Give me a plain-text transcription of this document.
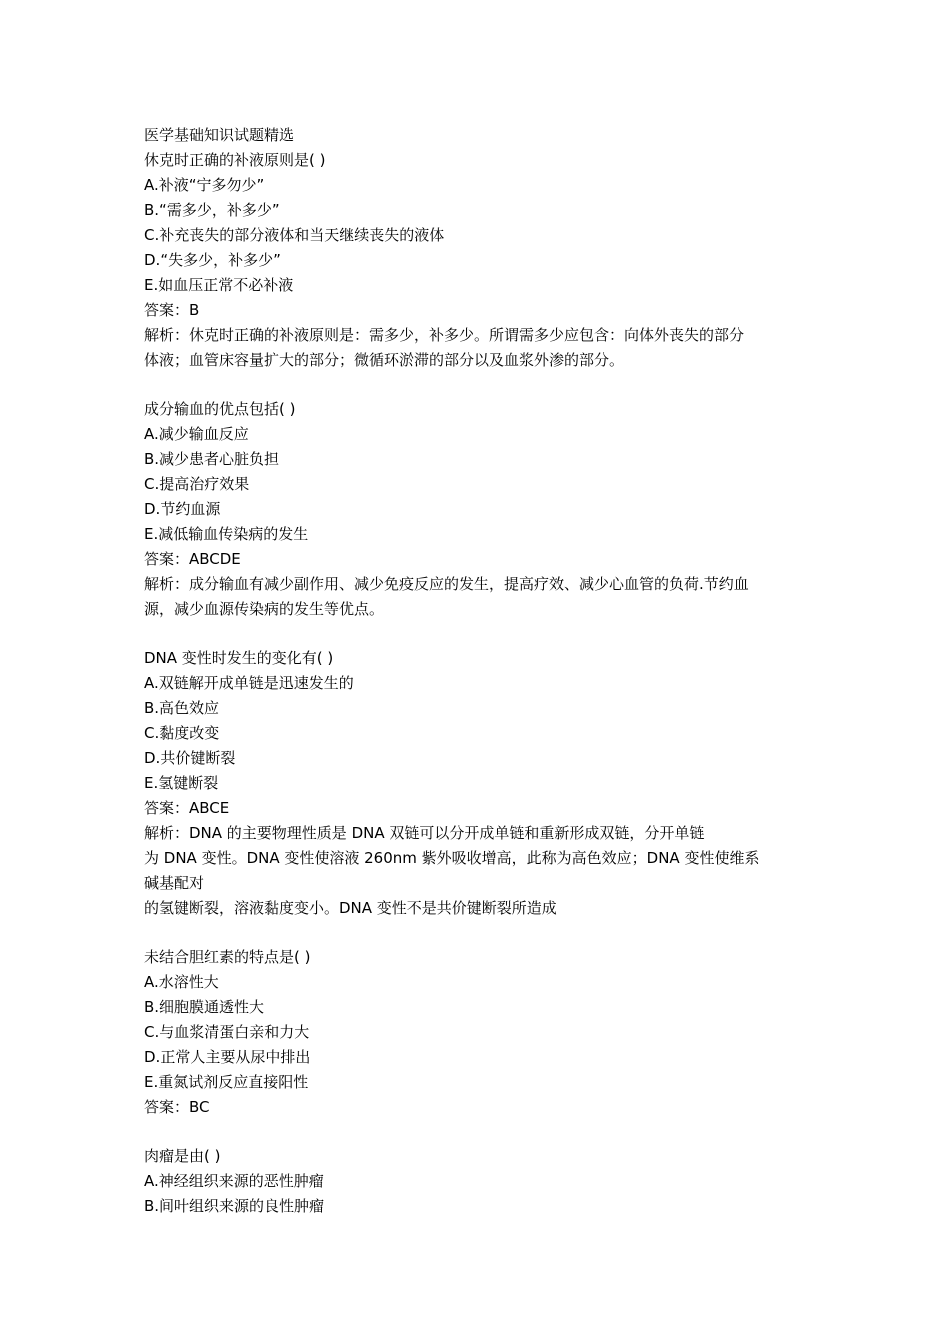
医学基础知识试题精选
休克时正确的补液原则是( )
A.补液“宁多勿少”
B.“需多少，补多少”
C.补充丧失的部分液体和当天继续丧失的液体
D.“失多少，补多少”
E.如血压正常不必补液
答案：B
解析：休克时正确的补液原则是：需多少，补多少。所谓需多少应包含：向体外丧失的部分
体液；血管床容量扩大的部分；微循环淤滞的部分以及血浆外渗的部分。
成分输血的优点包括( )
A.减少输血反应
B.减少患者心脏负担
C.提高治疗效果
D.节约血源
E.减低输血传染病的发生
答案：ABCDE
解析：成分输血有减少副作用、减少免疫反应的发生，提高疗效、减少心血管的负荷.节约血
源，减少血源传染病的发生等优点。
DNA 变性时发生的变化有( )
A.双链解开成单链是迅速发生的
B.高色效应
C.黏度改变
D.共价键断裂
E.氢键断裂
答案：ABCE
解析：DNA 的主要物理性质是 DNA 双链可以分开成单链和重新形成双链，分开单链
为 DNA 变性。DNA 变性使溶液 260nm 紫外吸收增高，此称为高色效应；DNA 变性使维系
碱基配对
的氢键断裂，溶液黏度变小。DNA 变性不是共价键断裂所造成
未结合胆红素的特点是( )
A.水溶性大
B.细胞膜通透性大
C.与血浆清蛋白亲和力大
D.正常人主要从尿中排出
E.重氮试剂反应直接阳性
答案：BC
肉瘤是由( )
A.神经组织来源的恶性肿瘤
B.间叶组织来源的良性肿瘤
